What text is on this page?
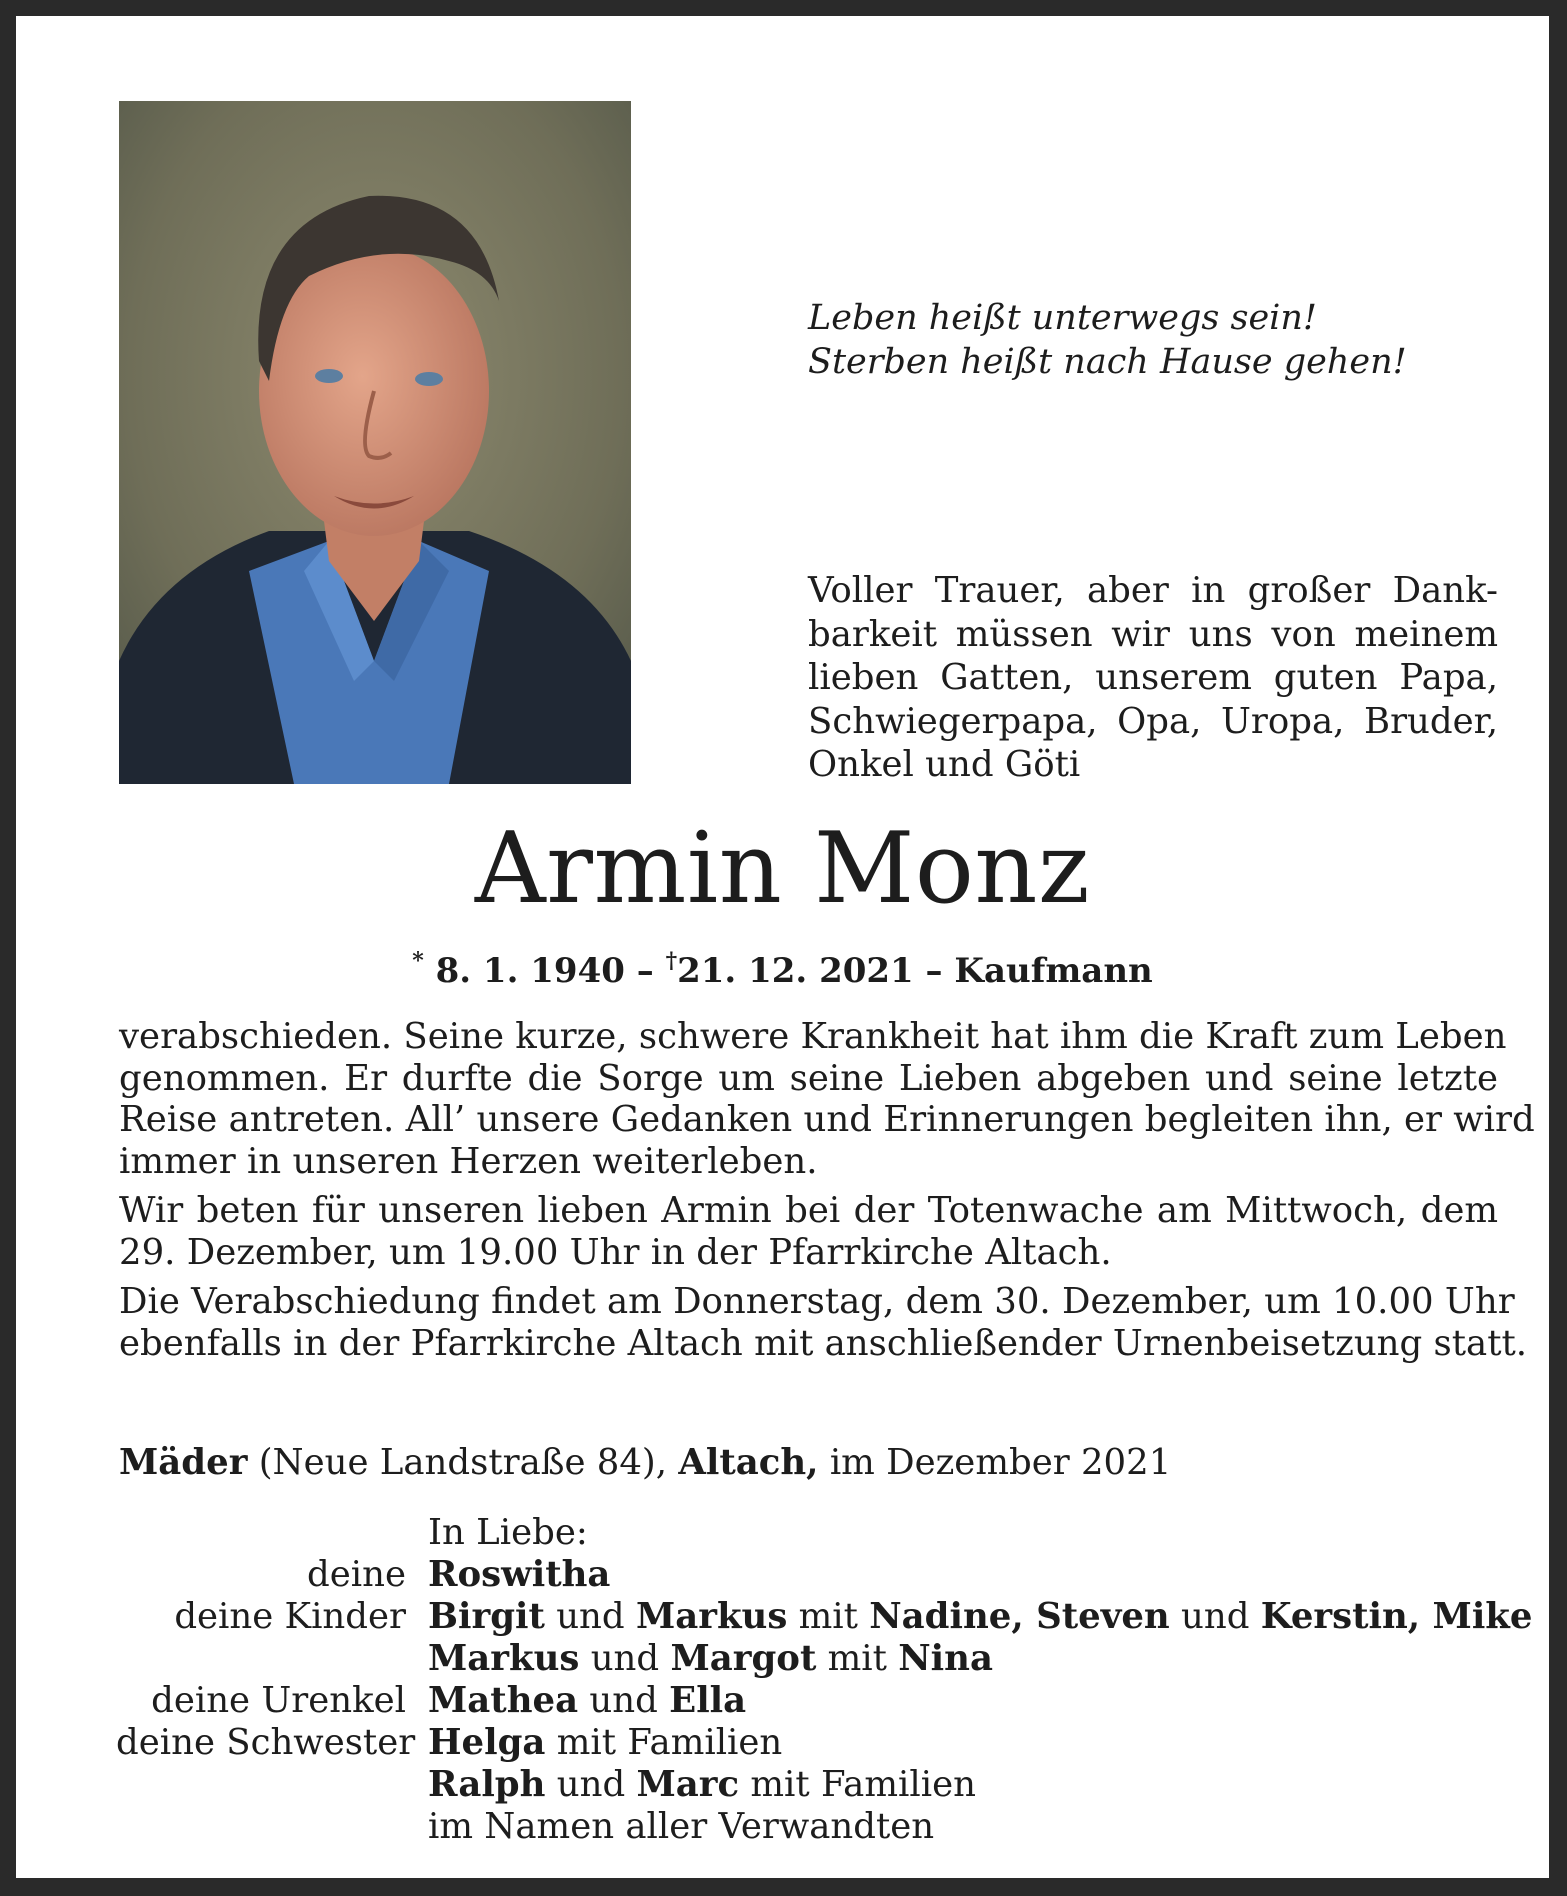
Leben heißt unterwegs sein!
Sterben heißt nach Hause gehen!
Voller Trauer, aber in großer Dank-
barkeit müssen wir uns von meinem
lieben Gatten, unserem guten Papa,
Schwiegerpapa, Opa, Uropa, Bruder,
Onkel und Göti
Armin Monz
* 8. 1. 1940 – †21. 12. 2021 – Kaufmann

verabschieden. Seine kurze, schwere Krankheit hat ihm die Kraft zum Leben
genommen. Er durfte die Sorge um seine Lieben abgeben und seine letzte
Reise antreten. All’ unsere Gedanken und Erinnerungen begleiten ihn, er wird
immer in unseren Herzen weiterleben.

Wir beten für unseren lieben Armin bei der Totenwache am Mittwoch, dem
29. Dezember, um 19.00 Uhr in der Pfarrkirche Altach.

Die Verabschiedung findet am Donnerstag, dem 30. Dezember, um 10.00 Uhr
ebenfalls in der Pfarrkirche Altach mit anschließender Urnenbeisetzung statt.

Mäder (Neue Landstraße 84), Altach, im Dezember 2021
In Liebe:
deine Roswitha
deine Kinder Birgit und Markus mit Nadine, Steven und Kerstin, Mike
Markus und Margot mit Nina
deine Urenkel Mathea und Ella
deine Schwester Helga mit Familien
Ralph und Marc mit Familien
im Namen aller Verwandten
